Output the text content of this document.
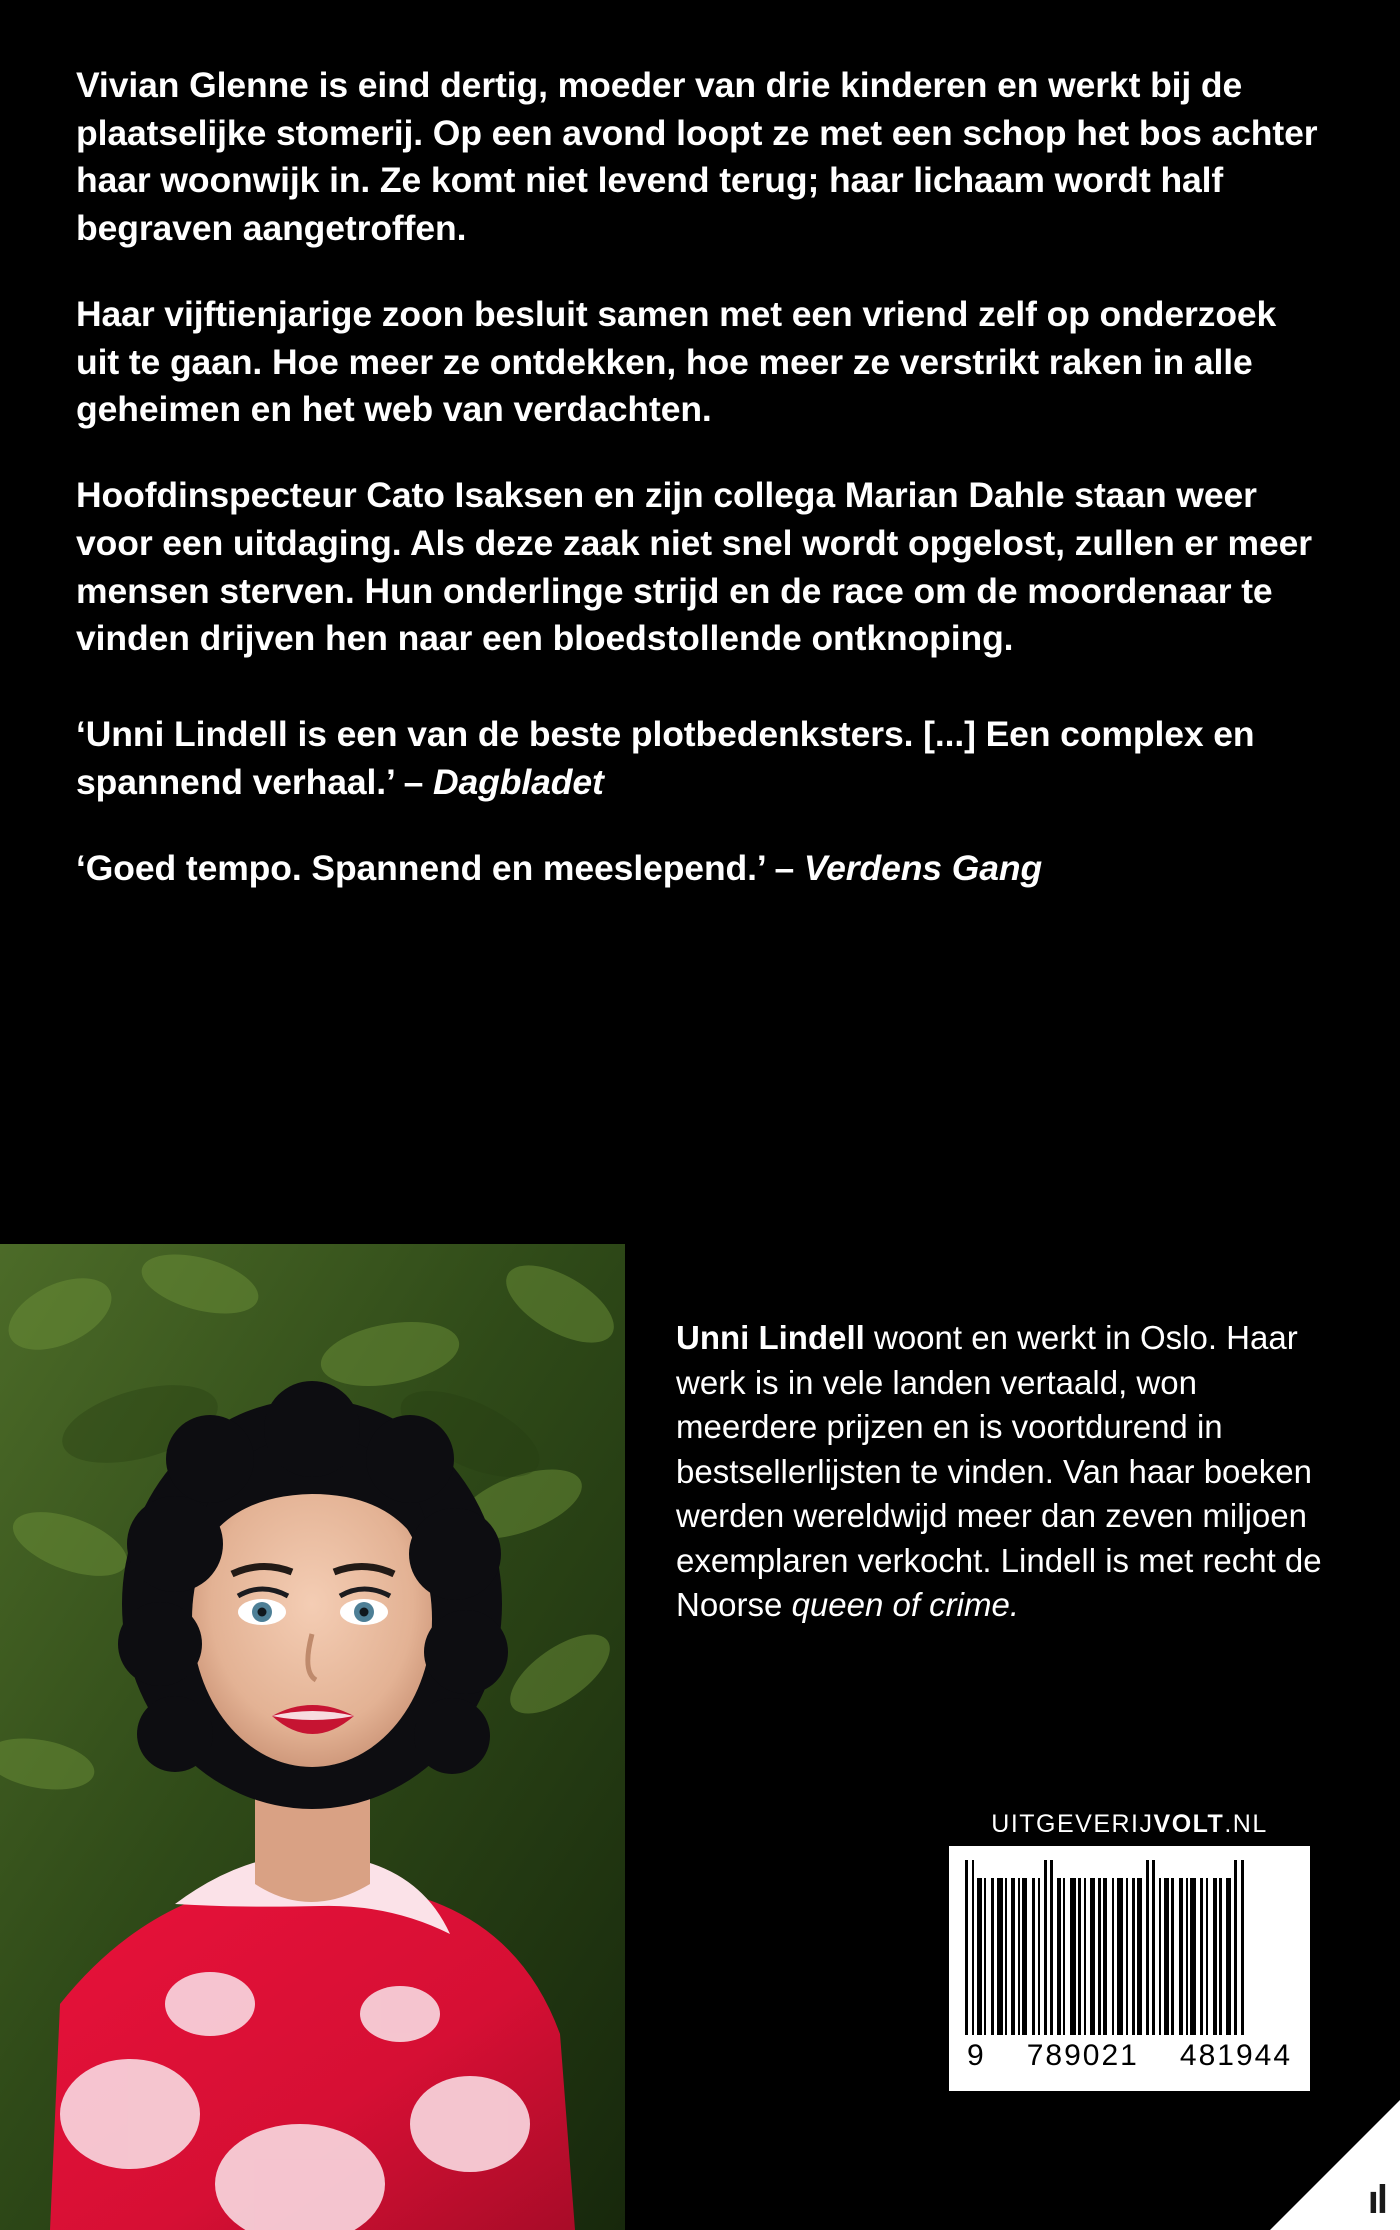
Vivian Glenne is eind dertig, moeder van drie kinderen en werkt bij de plaatselijke stomerij. Op een avond loopt ze met een schop het bos achter haar woonwijk in. Ze komt niet levend terug; haar lichaam wordt half begraven aangetroffen.

Haar vijftienjarige zoon besluit samen met een vriend zelf op onderzoek uit te gaan. Hoe meer ze ontdekken, hoe meer ze verstrikt raken in alle geheimen en het web van verdachten.

Hoofdinspecteur Cato Isaksen en zijn collega Marian Dahle staan weer voor een uitdaging. Als deze zaak niet snel wordt opgelost, zullen er meer mensen sterven. Hun onderlinge strijd en de race om de moordenaar te vinden drijven hen naar een bloedstollende ontknoping.

‘Unni Lindell is een van de beste plotbedenksters. [...] Een complex en spannend verhaal.’ – Dagbladet

‘Goed tempo. Spannend en meeslepend.’ – Verdens Gang

Unni Lindell woont en werkt in Oslo. Haar werk is in vele landen vertaald, won meerdere prijzen en is voortdurend in bestsellerlijsten te vinden. Van haar boeken werden wereldwijd meer dan zeven miljoen exemplaren verkocht. Lindell is met recht de Noorse queen of crime.
UITGEVERIJ VOLT .NL
9 789021 481944
ıl
